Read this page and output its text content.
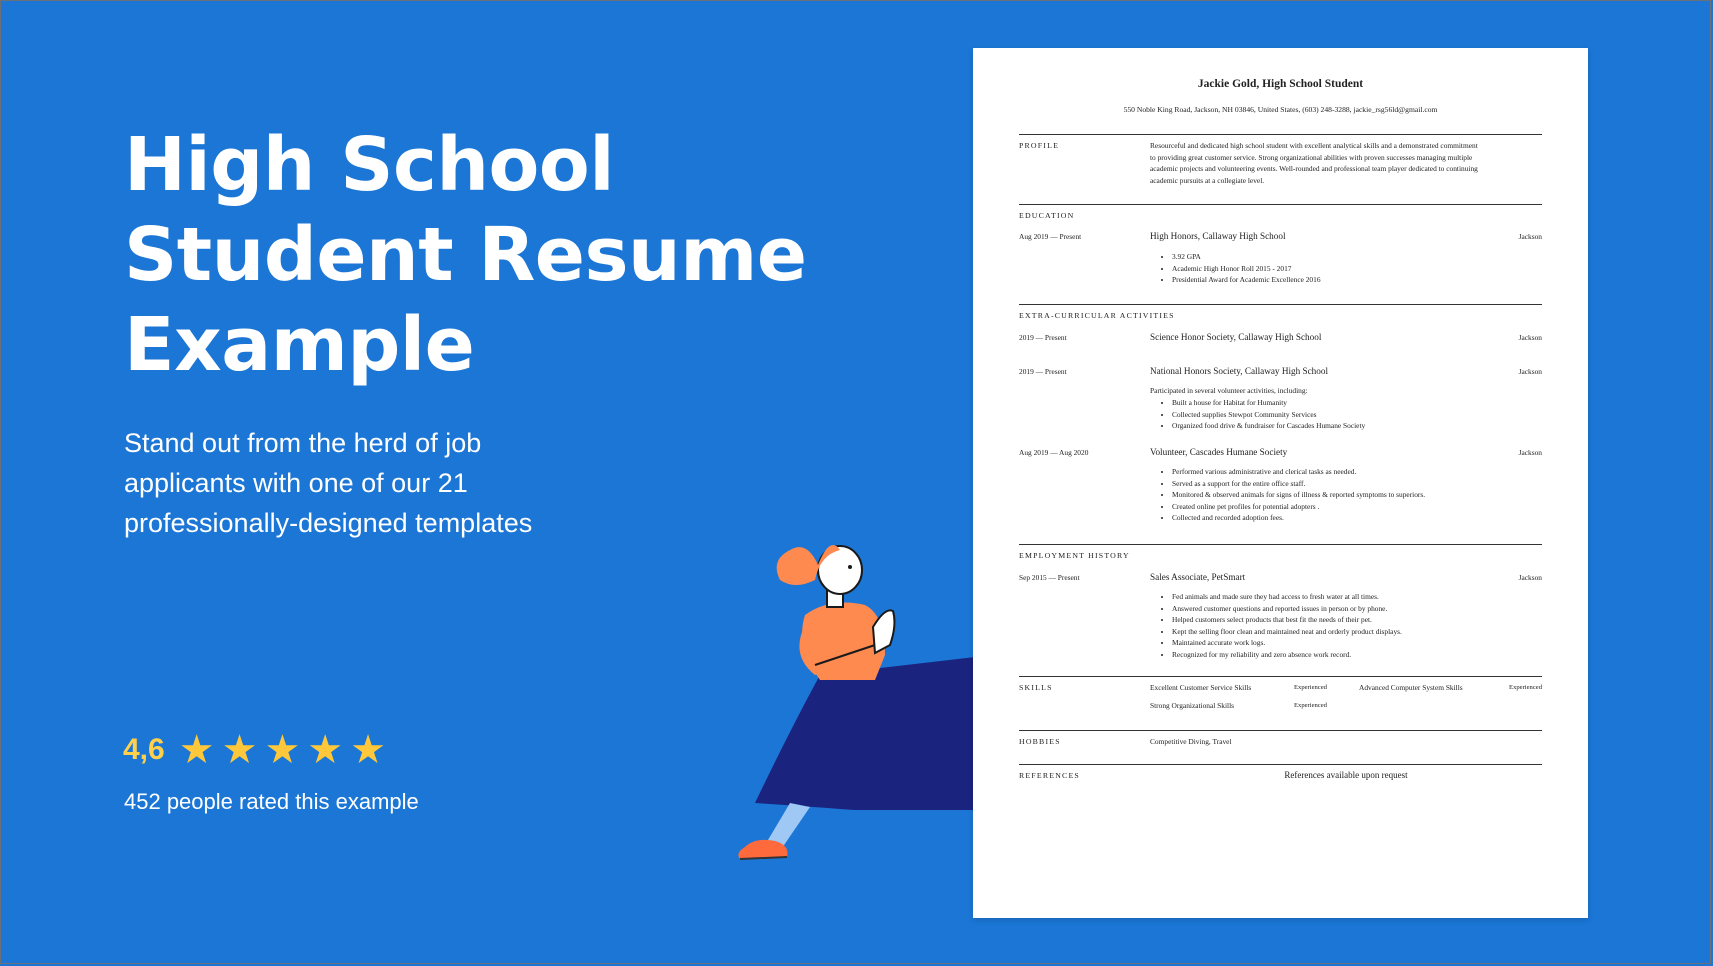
High School
Student Resume
Example
Stand out from the herd of job
applicants with one of our 21
professionally-designed templates
4,6 ★ ★ ★ ★ ★
452 people rated this example
Jackie Gold, High School Student
550 Noble King Road, Jackson, NH 03846, United States, (603) 248-3288, jackie_rsg56ld@gmail.com
PROFILE	Resourceful and dedicated high school student with excellent analytical skills and a demonstrated commitment
to providing great customer service. Strong organizational abilities with proven successes managing multiple
academic projects and volunteering events. Well-rounded and professional team player dedicated to continuing
academic pursuits at a collegiate level.
EDUCATION
Aug 2019 — Present	High Honors, Callaway High School	Jackson
• 3.92 GPA
• Academic High Honor Roll 2015 - 2017
• Presidential Award for Academic Excellence 2016
EXTRA-CURRICULAR ACTIVITIES
2019 — Present	Science Honor Society, Callaway High School	Jackson
2019 — Present	National Honors Society, Callaway High School	Jackson
Participated in several volunteer activities, including:
• Built a house for Habitat for Humanity
• Collected supplies Stewpot Community Services
• Organized food drive & fundraiser for Cascades Humane Society
Aug 2019 — Aug 2020	Volunteer, Cascades Humane Society	Jackson
• Performed various administrative and clerical tasks as needed.
• Served as a support for the entire office staff.
• Monitored & observed animals for signs of illness & reported symptoms to superiors.
• Created online pet profiles for potential adopters .
• Collected and recorded adoption fees.
EMPLOYMENT HISTORY
Sep 2015 — Present	Sales Associate, PetSmart	Jackson
• Fed animals and made sure they had access to fresh water at all times.
• Answered customer questions and reported issues in person or by phone.
• Helped customers select products that best fit the needs of their pet.
• Kept the selling floor clean and maintained neat and orderly product displays.
• Maintained accurate work logs.
• Recognized for my reliability and zero absence work record.
SKILLS	Excellent Customer Service Skills	Experienced	Advanced Computer System Skills	Experienced
Strong Organizational Skills	Experienced
HOBBIES	Competitive Diving, Travel
REFERENCES	References available upon request
